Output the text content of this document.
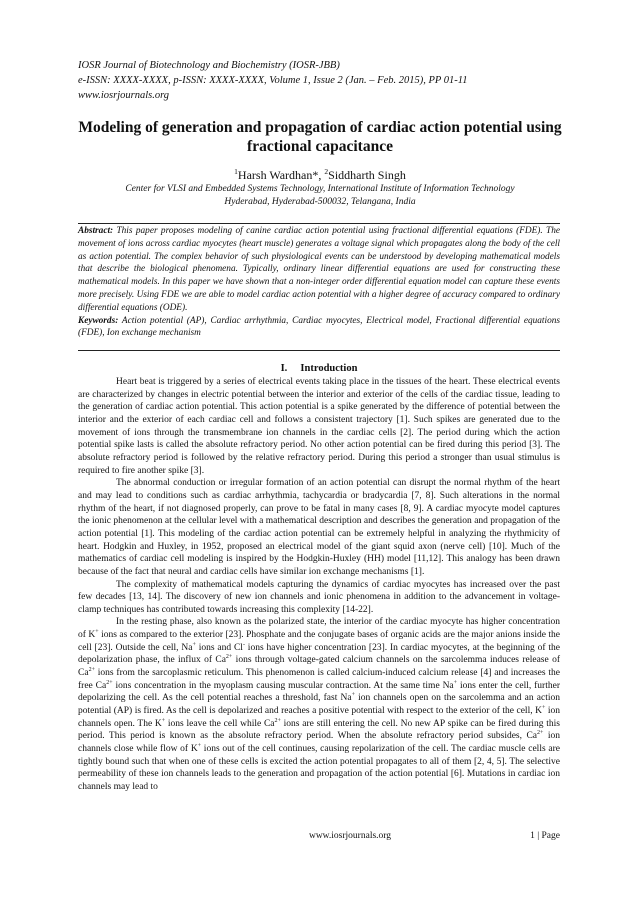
IOSR Journal of Biotechnology and Biochemistry (IOSR-JBB)
e-ISSN: XXXX-XXXX, p-ISSN: XXXX-XXXX, Volume 1, Issue 2 (Jan. – Feb. 2015), PP 01-11
www.iosrjournals.org
Modeling of generation and propagation of cardiac action potential using fractional capacitance
$^1$Harsh Wardhan*, $^2$Siddharth Singh
Center for VLSI and Embedded Systems Technology, International Institute of Information Technology
Hyderabad, Hyderabad-500032, Telangana, India
Abstract: This paper proposes modeling of canine cardiac action potential using fractional differential equations (FDE). The movement of ions across cardiac myocytes (heart muscle) generates a voltage signal which propagates along the body of the cell as action potential. The complex behavior of such physiological events can be understood by developing mathematical models that describe the biological phenomena. Typically, ordinary linear differential equations are used for constructing these mathematical models. In this paper we have shown that a non-integer order differential equation model can capture these events more precisely. Using FDE we are able to model cardiac action potential with a higher degree of accuracy compared to ordinary differential equations (ODE).
Keywords: Action potential (AP), Cardiac arrhythmia, Cardiac myocytes, Electrical model, Fractional differential equations (FDE), Ion exchange mechanism
I. Introduction

Heart beat is triggered by a series of electrical events taking place in the tissues of the heart. These electrical events are characterized by changes in electric potential between the interior and exterior of the cells of the cardiac tissue, leading to the generation of cardiac action potential. This action potential is a spike generated by the difference of potential between the interior and the exterior of each cardiac cell and follows a consistent trajectory [1]. Such spikes are generated due to the movement of ions through the transmembrane ion channels in the cardiac cells [2]. The period during which the action potential spike lasts is called the absolute refractory period. No other action potential can be fired during this period [3]. The absolute refractory period is followed by the relative refractory period. During this period a stronger than usual stimulus is required to fire another spike [3].

The abnormal conduction or irregular formation of an action potential can disrupt the normal rhythm of the heart and may lead to conditions such as cardiac arrhythmia, tachycardia or bradycardia [7, 8]. Such alterations in the normal rhythm of the heart, if not diagnosed properly, can prove to be fatal in many cases [8, 9]. A cardiac myocyte model captures the ionic phenomenon at the cellular level with a mathematical description and describes the generation and propagation of the action potential [1]. This modeling of the cardiac action potential can be extremely helpful in analyzing the rhythmicity of heart. Hodgkin and Huxley, in 1952, proposed an electrical model of the giant squid axon (nerve cell) [10]. Much of the mathematics of cardiac cell modeling is inspired by the Hodgkin-Huxley (HH) model [11,12]. This analogy has been drawn because of the fact that neural and cardiac cells have similar ion exchange mechanisms [1].

The complexity of mathematical models capturing the dynamics of cardiac myocytes has increased over the past few decades [13, 14]. The discovery of new ion channels and ionic phenomena in addition to the advancement in voltage-clamp techniques has contributed towards increasing this complexity [14-22].

In the resting phase, also known as the polarized state, the interior of the cardiac myocyte has higher concentration of K+ ions as compared to the exterior [23]. Phosphate and the conjugate bases of organic acids are the major anions inside the cell [23]. Outside the cell, Na+ ions and Cl- ions have higher concentration [23]. In cardiac myocytes, at the beginning of the depolarization phase, the influx of $Ca^{2+}$ ions through voltage-gated calcium channels on the sarcolemma induces release of $Ca^{2+}$ ions from the sarcoplasmic reticulum. This phenomenon is called calcium-induced calcium release [4] and increases the free $Ca^{2+}$ ions concentration in the myoplasm causing muscular contraction. At the same time Na+ ions enter the cell, further depolarizing the cell. As the cell potential reaches a threshold, fast Na+ ion channels open on the sarcolemma and an action potential (AP) is fired. As the cell is depolarized and reaches a positive potential with respect to the exterior of the cell, K+ ion channels open. The K+ ions leave the cell while $Ca^{2+}$ ions are still entering the cell. No new AP spike can be fired during this period. This period is known as the absolute refractory period. When the absolute refractory period subsides, $Ca^{2+}$ ion channels close while flow of K+ ions out of the cell continues, causing repolarization of the cell. The cardiac muscle cells are tightly bound such that when one of these cells is excited the action potential propagates to all of them [2, 4, 5]. The selective permeability of these ion channels leads to the generation and propagation of the action potential [6]. Mutations in cardiac ion channels may lead to

www.iosrjournals.org	1 | Page
